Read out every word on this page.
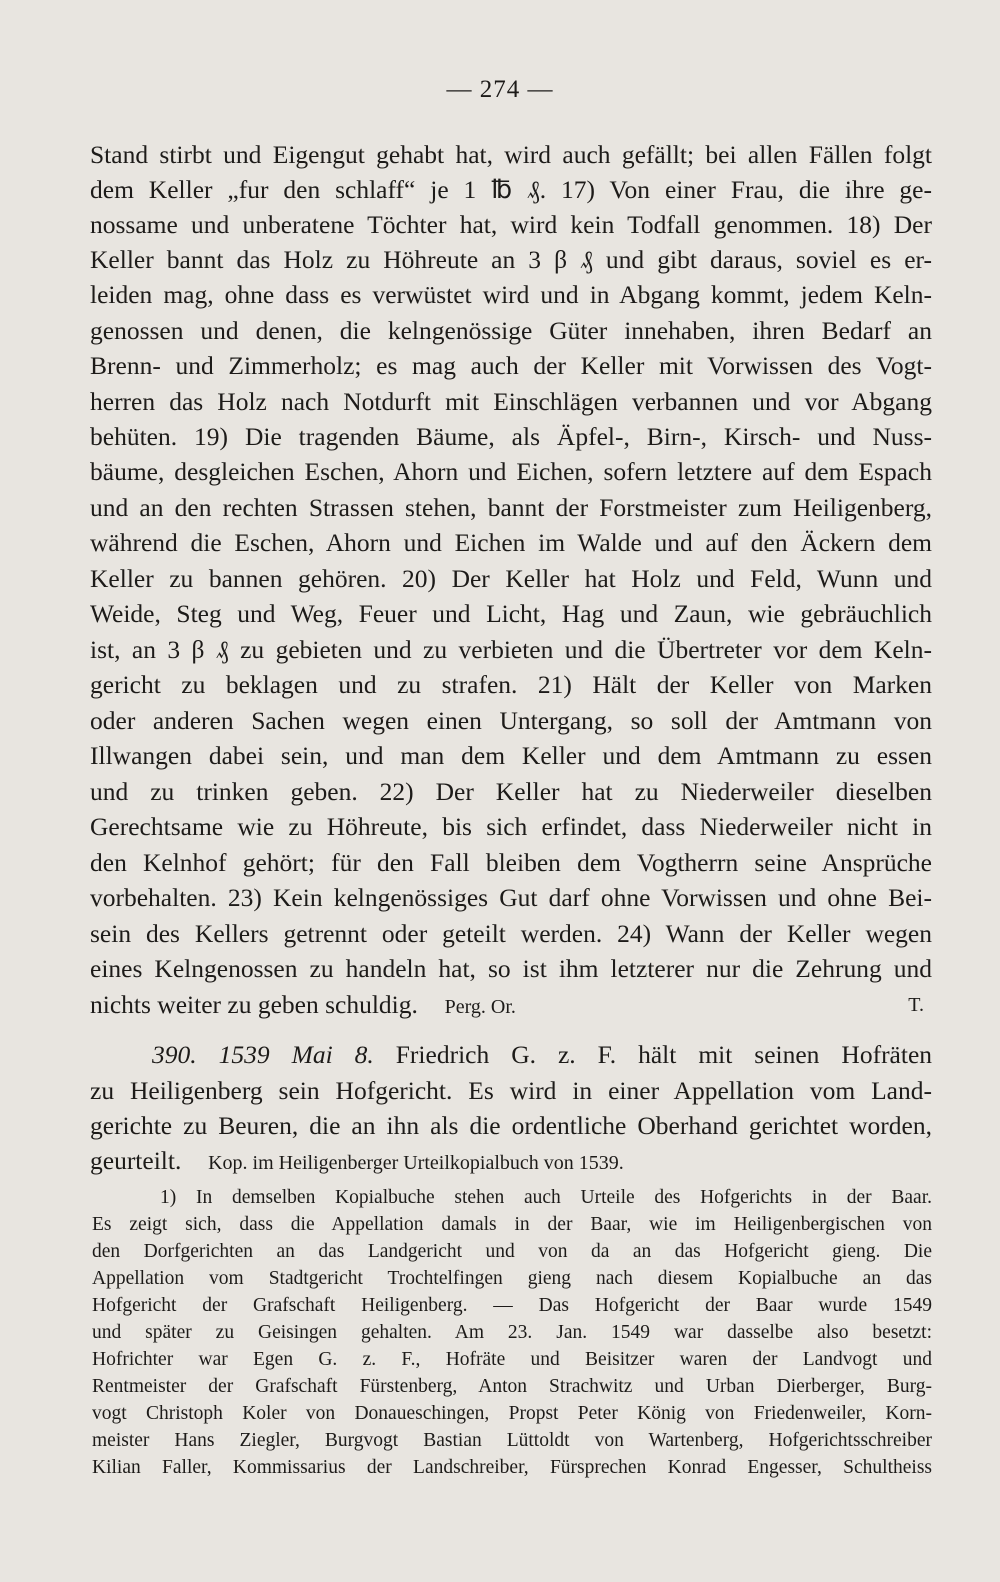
— 274 —
Stand stirbt und Eigengut gehabt hat, wird auch gefällt; bei allen Fällen folgt
dem Keller „fur den schlaff“ je 1 ℔ ₰. 17) Von einer Frau, die ihre ge-
nossame und unberatene Töchter hat, wird kein Todfall genommen. 18) Der
Keller bannt das Holz zu Höhreute an 3 β ₰ und gibt daraus, soviel es er-
leiden mag, ohne dass es verwüstet wird und in Abgang kommt, jedem Keln-
genossen und denen, die kelngenössige Güter innehaben, ihren Bedarf an
Brenn- und Zimmerholz; es mag auch der Keller mit Vorwissen des Vogt-
herren das Holz nach Notdurft mit Einschlägen verbannen und vor Abgang
behüten. 19) Die tragenden Bäume, als Äpfel-, Birn-, Kirsch- und Nuss-
bäume, desgleichen Eschen, Ahorn und Eichen, sofern letztere auf dem Espach
und an den rechten Strassen stehen, bannt der Forstmeister zum Heiligenberg,
während die Eschen, Ahorn und Eichen im Walde und auf den Äckern dem
Keller zu bannen gehören. 20) Der Keller hat Holz und Feld, Wunn und
Weide, Steg und Weg, Feuer und Licht, Hag und Zaun, wie gebräuchlich
ist, an 3 β ₰ zu gebieten und zu verbieten und die Übertreter vor dem Keln-
gericht zu beklagen und zu strafen. 21) Hält der Keller von Marken
oder anderen Sachen wegen einen Untergang, so soll der Amtmann von
Illwangen dabei sein, und man dem Keller und dem Amtmann zu essen
und zu trinken geben. 22) Der Keller hat zu Niederweiler dieselben
Gerechtsame wie zu Höhreute, bis sich erfindet, dass Niederweiler nicht in
den Kelnhof gehört; für den Fall bleiben dem Vogtherrn seine Ansprüche
vorbehalten. 23) Kein kelngenössiges Gut darf ohne Vorwissen und ohne Bei-
sein des Kellers getrennt oder geteilt werden. 24) Wann der Keller wegen
eines Kelngenossen zu handeln hat, so ist ihm letzterer nur die Zehrung und
nichts weiter zu geben schuldig. Perg. Or.	T.
390. 1539 Mai 8. Friedrich G. z. F. hält mit seinen Hofräten
zu Heiligenberg sein Hofgericht. Es wird in einer Appellation vom Land-
gerichte zu Beuren, die an ihn als die ordentliche Oberhand gerichtet worden,
geurteilt. Kop. im Heiligenberger Urteilkopialbuch von 1539.
1) In demselben Kopialbuche stehen auch Urteile des Hofgerichts in der Baar.
Es zeigt sich, dass die Appellation damals in der Baar, wie im Heiligenbergischen von
den Dorfgerichten an das Landgericht und von da an das Hofgericht gieng. Die
Appellation vom Stadtgericht Trochtelfingen gieng nach diesem Kopialbuche an das
Hofgericht der Grafschaft Heiligenberg. — Das Hofgericht der Baar wurde 1549
und später zu Geisingen gehalten. Am 23. Jan. 1549 war dasselbe also besetzt:
Hofrichter war Egen G. z. F., Hofräte und Beisitzer waren der Landvogt und
Rentmeister der Grafschaft Fürstenberg, Anton Strachwitz und Urban Dierberger, Burg-
vogt Christoph Koler von Donaueschingen, Propst Peter König von Friedenweiler, Korn-
meister Hans Ziegler, Burgvogt Bastian Lüttoldt von Wartenberg, Hofgerichtsschreiber
Kilian Faller, Kommissarius der Landschreiber, Fürsprechen Konrad Engesser, Schultheiss
